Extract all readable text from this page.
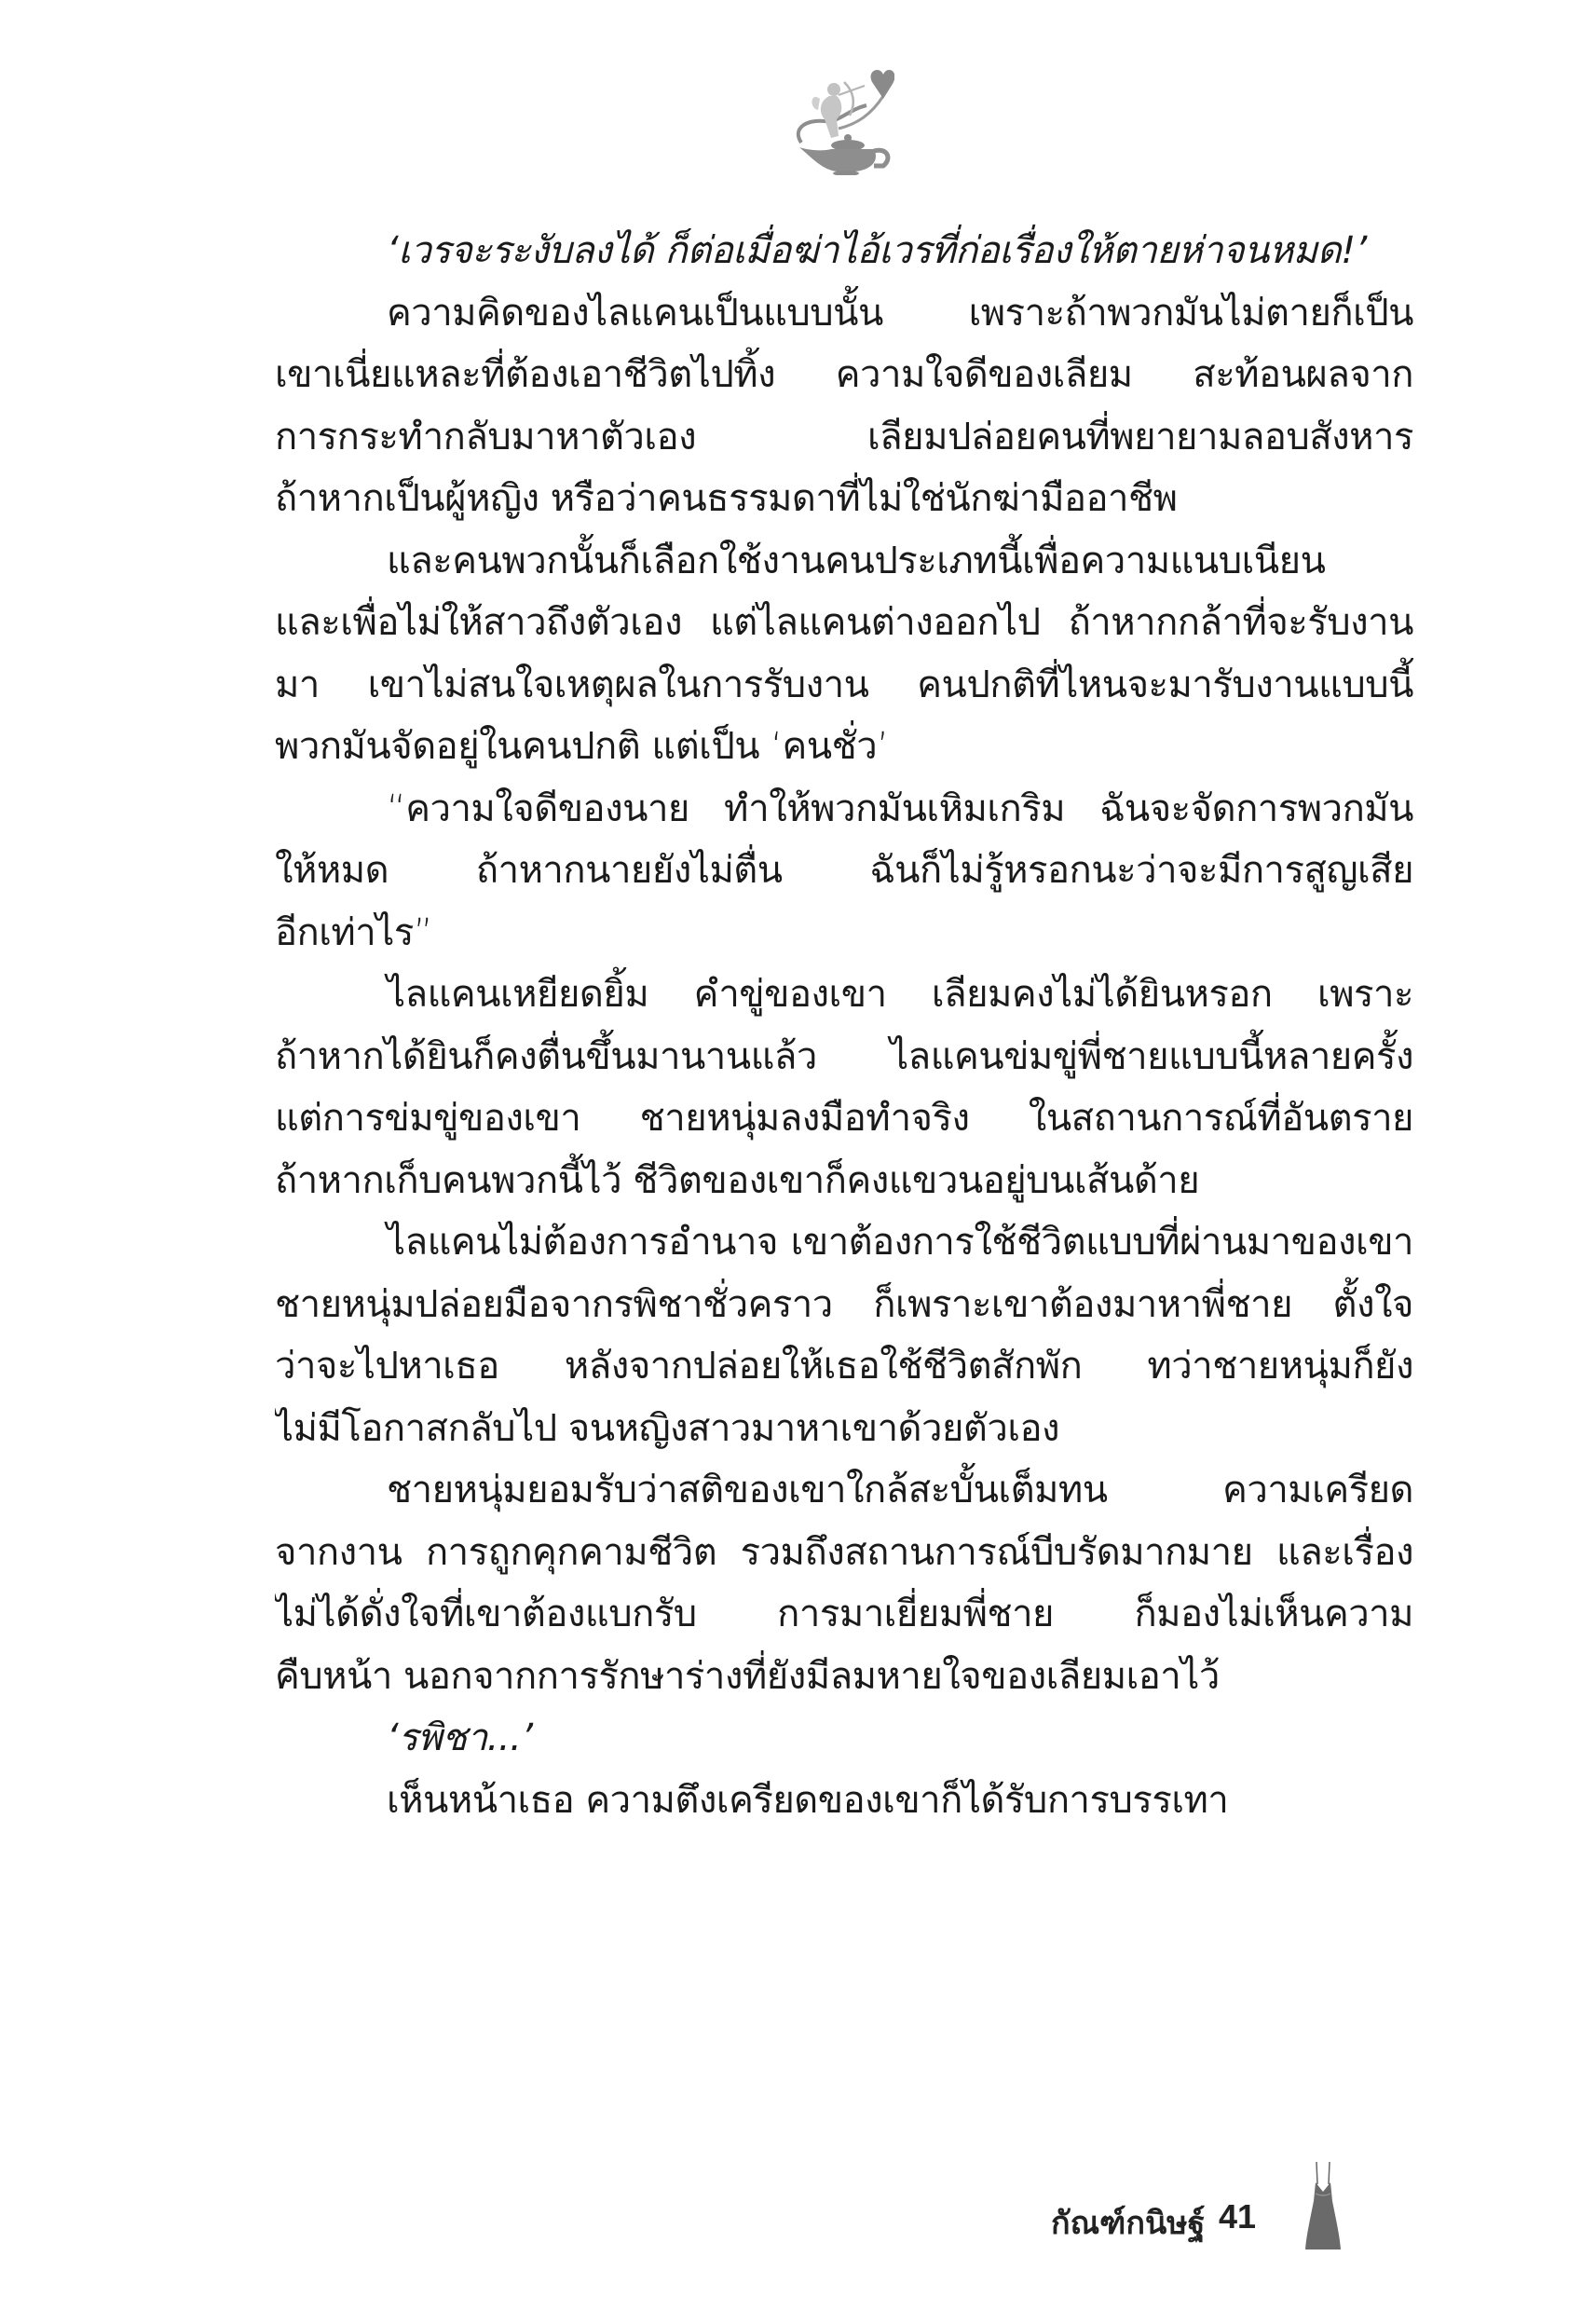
‘เวรจะระงับลงได้ ก็ต่อเมื่อฆ่าไอ้เวรที่ก่อเรื่องให้ตายห่าจนหมด!’
ความคิดของไลแคนเป็นแบบนั้น เพราะถ้าพวกมันไม่ตายก็เป็น
เขาเนี่ยแหละที่ต้องเอาชีวิตไปทิ้ง ความใจดีของเลียม สะท้อนผลจาก
การกระทำกลับมาหาตัวเอง เลียมปล่อยคนที่พยายามลอบสังหาร
ถ้าหากเป็นผู้หญิง หรือว่าคนธรรมดาที่ไม่ใช่นักฆ่ามืออาชีพ
และคนพวกนั้นก็เลือกใช้งานคนประเภทนี้เพื่อความแนบเนียน
และเพื่อไม่ให้สาวถึงตัวเอง แต่ไลแคนต่างออกไป ถ้าหากกล้าที่จะรับงาน
มา เขาไม่สนใจเหตุผลในการรับงาน คนปกติที่ไหนจะมารับงานแบบนี้
พวกมันจัดอยู่ในคนปกติ แต่เป็น ‘คนชั่ว’
“ความใจดีของนาย ทำให้พวกมันเหิมเกริม ฉันจะจัดการพวกมัน
ให้หมด ถ้าหากนายยังไม่ตื่น ฉันก็ไม่รู้หรอกนะว่าจะมีการสูญเสีย
อีกเท่าไร”
ไลแคนเหยียดยิ้ม คำขู่ของเขา เลียมคงไม่ได้ยินหรอก เพราะ
ถ้าหากได้ยินก็คงตื่นขึ้นมานานแล้ว ไลแคนข่มขู่พี่ชายแบบนี้หลายครั้ง
แต่การข่มขู่ของเขา ชายหนุ่มลงมือทำจริง ในสถานการณ์ที่อันตราย
ถ้าหากเก็บคนพวกนี้ไว้ ชีวิตของเขาก็คงแขวนอยู่บนเส้นด้าย
ไลแคนไม่ต้องการอำนาจ เขาต้องการใช้ชีวิตแบบที่ผ่านมาของเขา
ชายหนุ่มปล่อยมือจากรพิชาชั่วคราว ก็เพราะเขาต้องมาหาพี่ชาย ตั้งใจ
ว่าจะไปหาเธอ หลังจากปล่อยให้เธอใช้ชีวิตสักพัก ทว่าชายหนุ่มก็ยัง
ไม่มีโอกาสกลับไป จนหญิงสาวมาหาเขาด้วยตัวเอง
ชายหนุ่มยอมรับว่าสติของเขาใกล้สะบั้นเต็มทน ความเครียด
จากงาน การถูกคุกคามชีวิต รวมถึงสถานการณ์บีบรัดมากมาย และเรื่อง
ไม่ได้ดั่งใจที่เขาต้องแบกรับ การมาเยี่ยมพี่ชาย ก็มองไม่เห็นความ
คืบหน้า นอกจากการรักษาร่างที่ยังมีลมหายใจของเลียมเอาไว้
‘รพิชา...’
เห็นหน้าเธอ ความตึงเครียดของเขาก็ได้รับการบรรเทา
กัณฑ์กนิษฐ์ 41
